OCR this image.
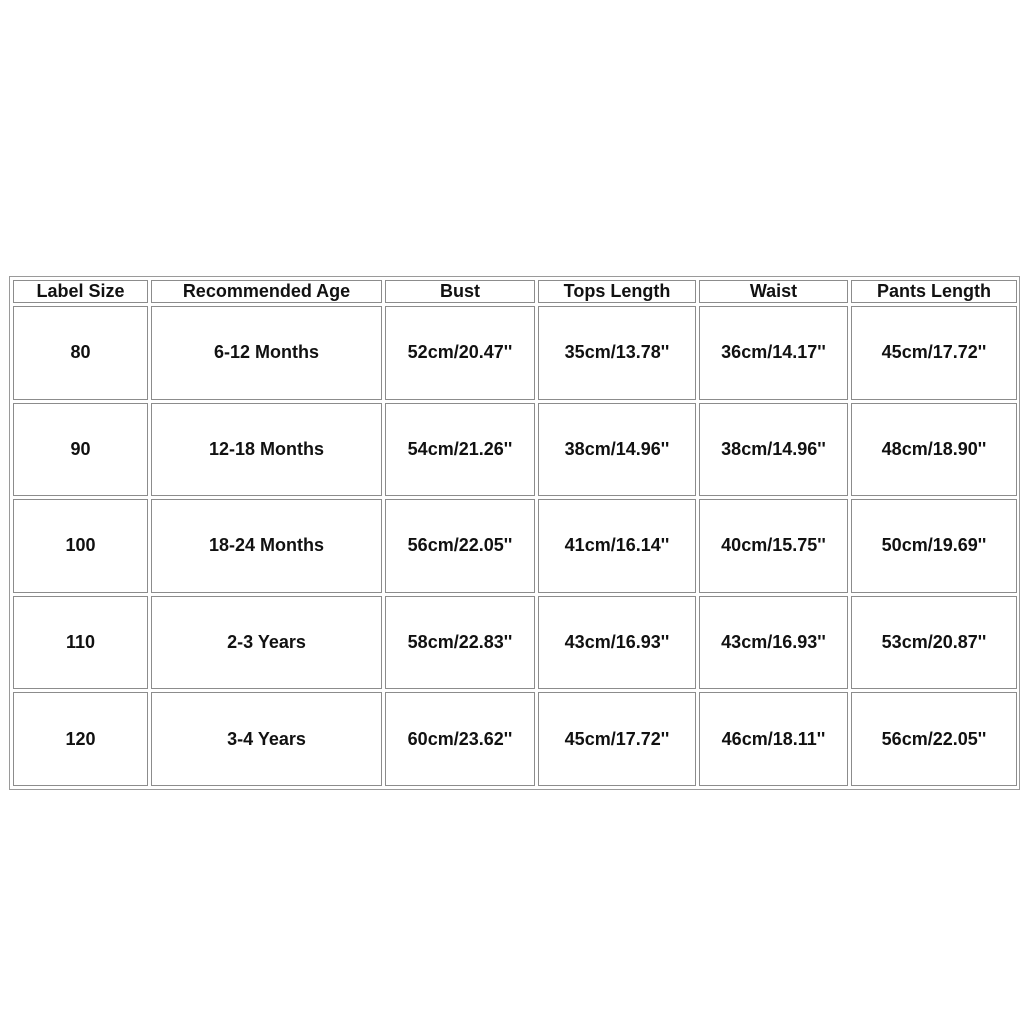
Label Size	Recommended Age	Bust	Tops Length	Waist	Pants Length
80	6-12 Months	52cm/20.47''	35cm/13.78''	36cm/14.17''	45cm/17.72''
90	12-18 Months	54cm/21.26''	38cm/14.96''	38cm/14.96''	48cm/18.90''
100	18-24 Months	56cm/22.05''	41cm/16.14''	40cm/15.75''	50cm/19.69''
110	2-3 Years	58cm/22.83''	43cm/16.93''	43cm/16.93''	53cm/20.87''
120	3-4 Years	60cm/23.62''	45cm/17.72''	46cm/18.11''	56cm/22.05''
